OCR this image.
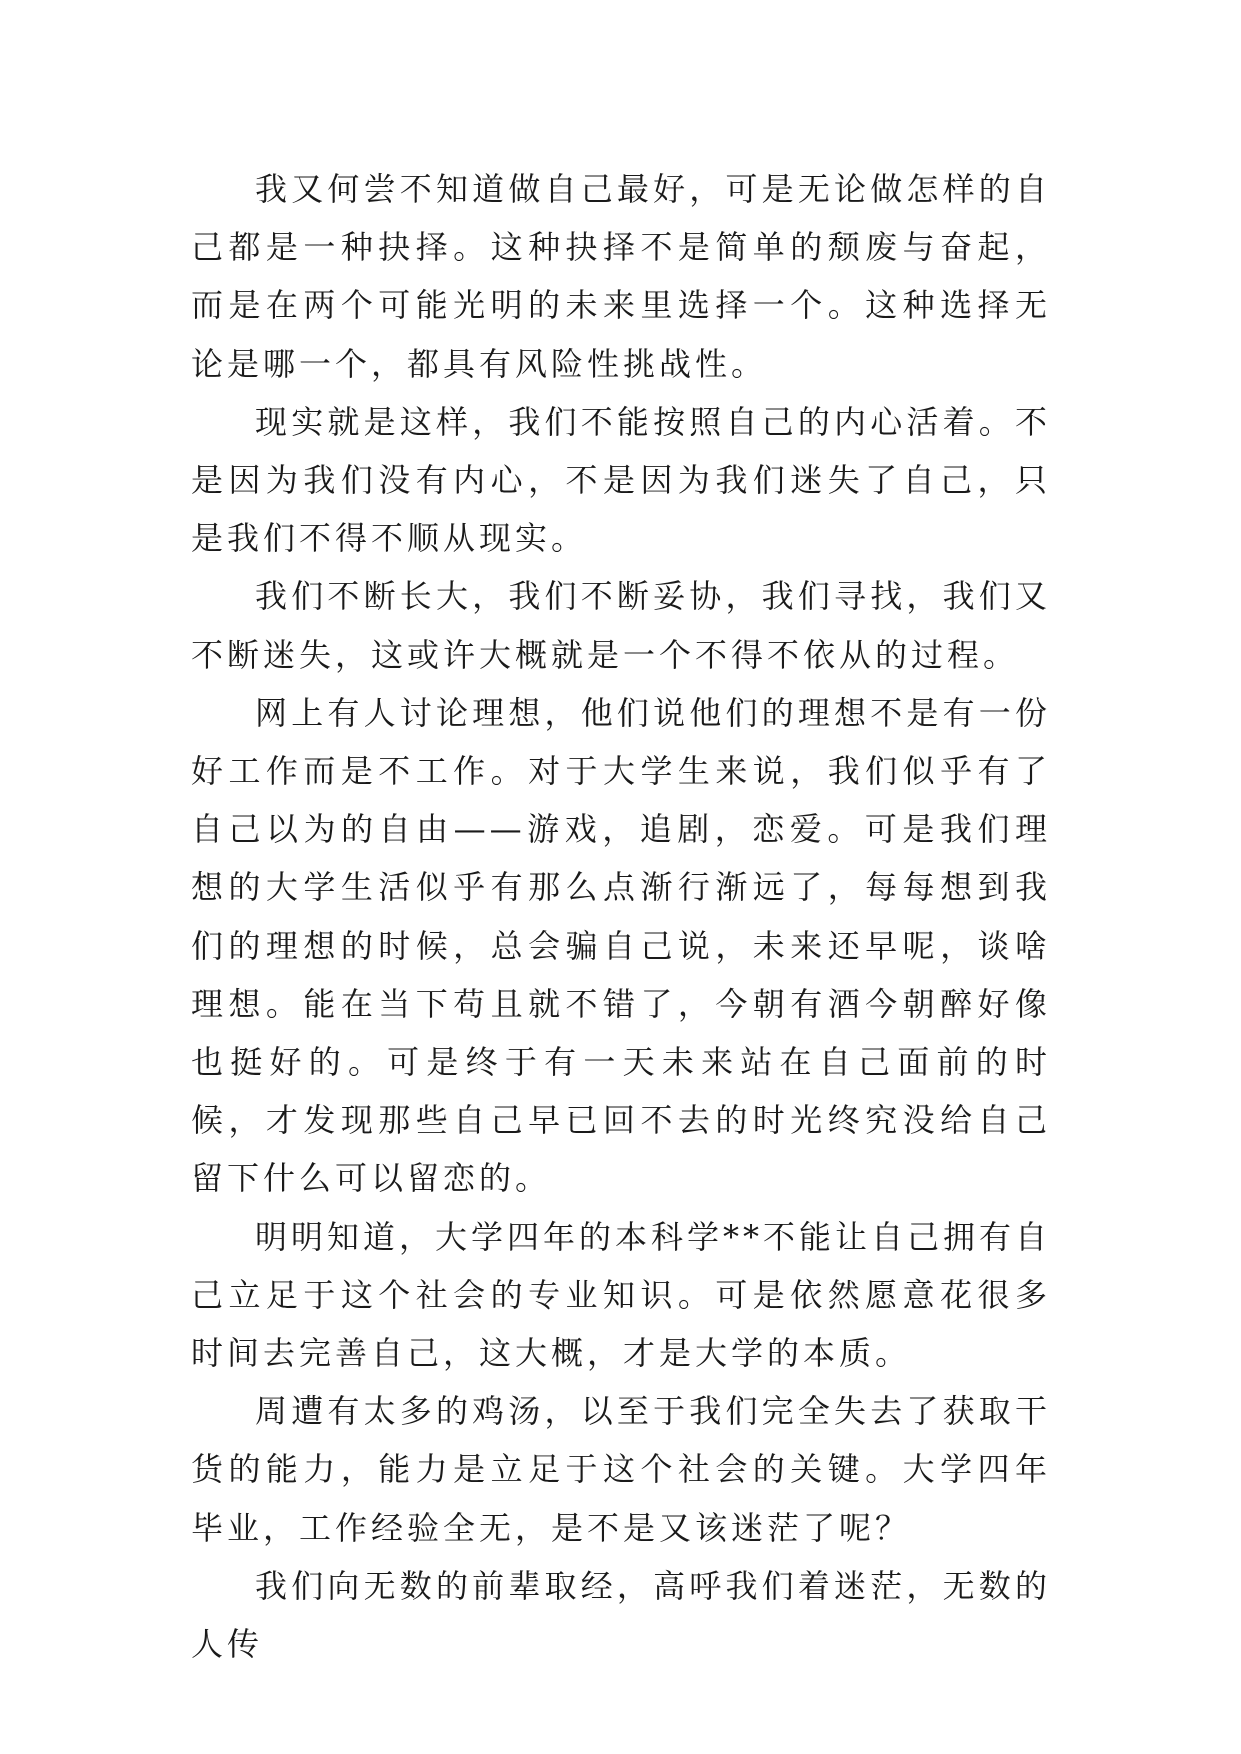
我又何尝不知道做自己最好，可是无论做怎样的自己都是一种抉择。这种抉择不是简单的颓废与奋起，而是在两个可能光明的未来里选择一个。这种选择无论是哪一个，都具有风险性挑战性。

现实就是这样，我们不能按照自己的内心活着。不是因为我们没有内心，不是因为我们迷失了自己，只是我们不得不顺从现实。

我们不断长大，我们不断妥协，我们寻找，我们又不断迷失，这或许大概就是一个不得不依从的过程。

网上有人讨论理想，他们说他们的理想不是有一份好工作而是不工作。对于大学生来说，我们似乎有了自己以为的自由——游戏，追剧，恋爱。可是我们理想的大学生活似乎有那么点渐行渐远了，每每想到我们的理想的时候，总会骗自己说，未来还早呢，谈啥理想。能在当下苟且就不错了，今朝有酒今朝醉好像也挺好的。可是终于有一天未来站在自己面前的时候，才发现那些自己早已回不去的时光终究没给自己留下什么可以留恋的。

明明知道，大学四年的本科学**不能让自己拥有自己立足于这个社会的专业知识。可是依然愿意花很多时间去完善自己，这大概，才是大学的本质。

周遭有太多的鸡汤，以至于我们完全失去了获取干货的能力，能力是立足于这个社会的关键。大学四年毕业，工作经验全无，是不是又该迷茫了呢？

我们向无数的前辈取经，高呼我们着迷茫，无数的人传
